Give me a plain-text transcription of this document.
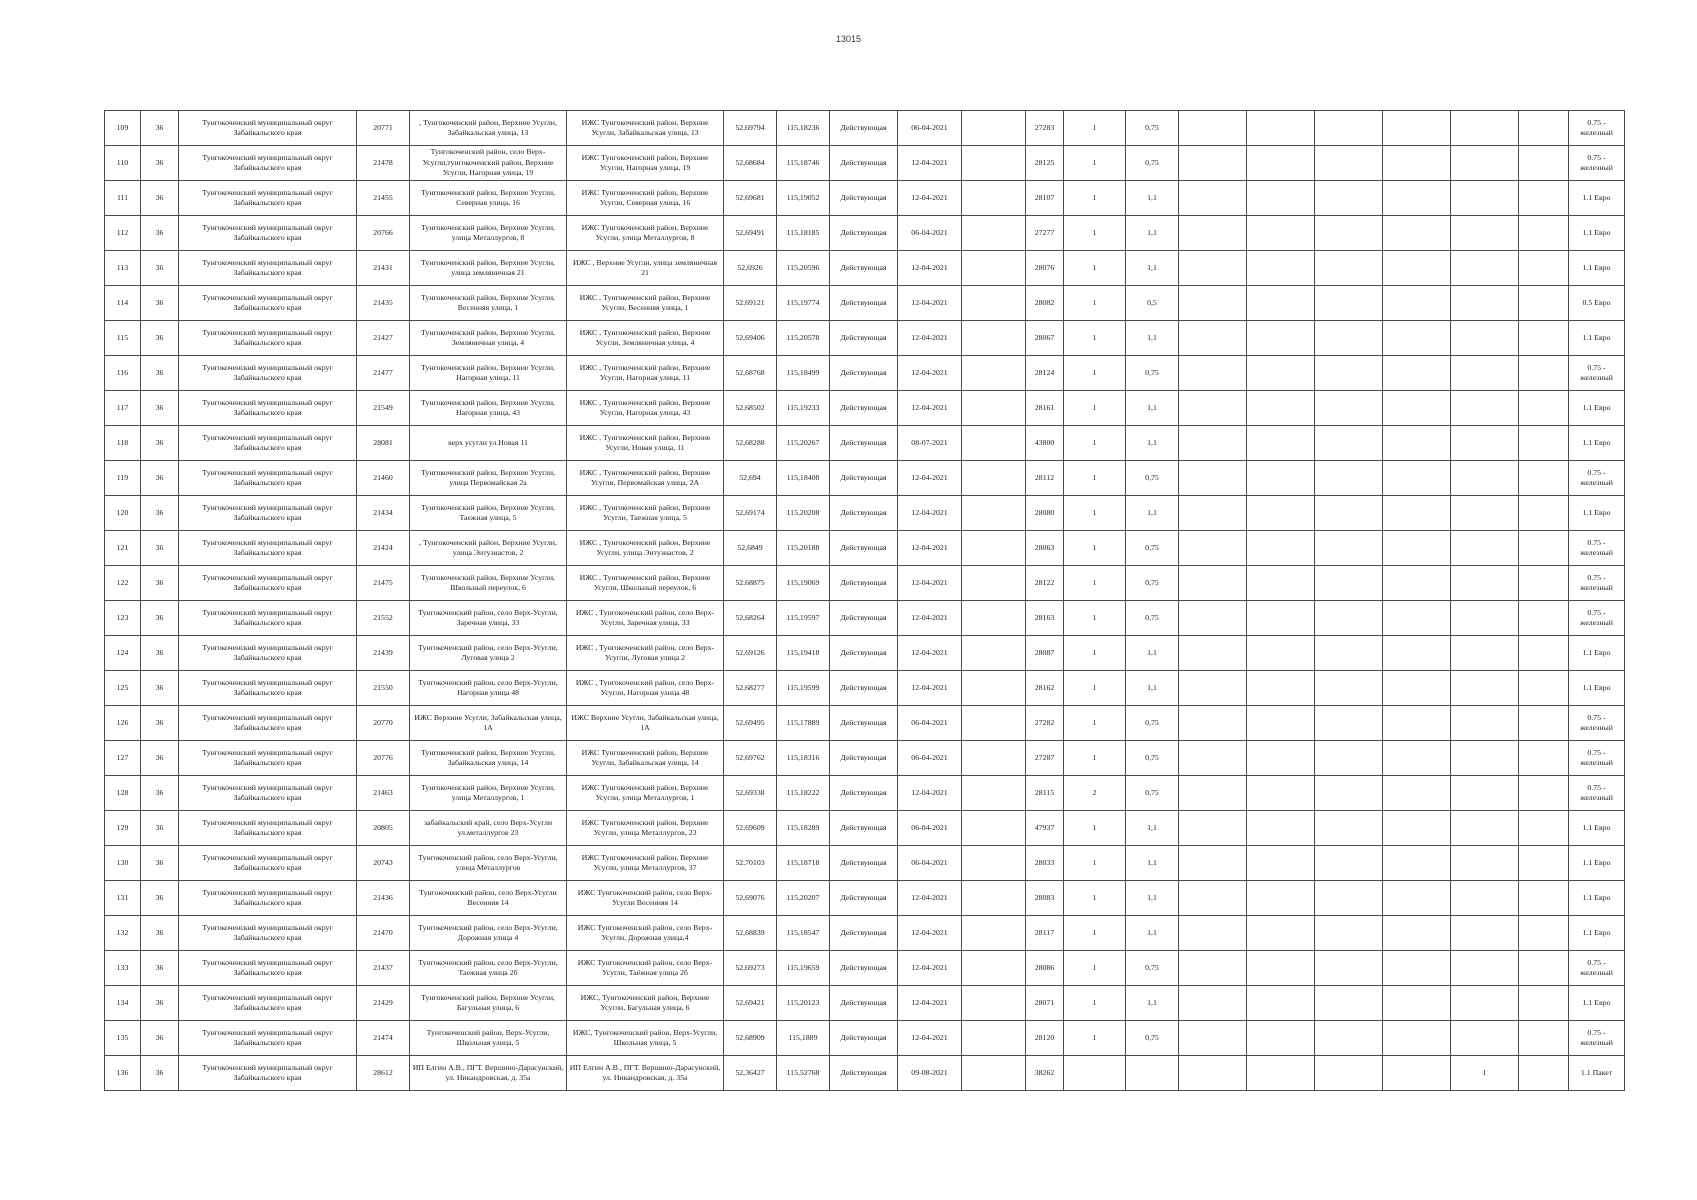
13015
109	36	Тунгокоченский муниципальный округ Забайкальского края	20771	, Тунгокоченский район, Верхние Усугли, Забайкальская улица, 13	ИЖС Тунгокоченский район, Верхние Усугли, Забайкальская улица, 13	52,69794	115,18236	Действующая	06-04-2021		27283	1	0,75							0.75 - железный
110	36	Тунгокоченский муниципальный округ Забайкальского края	21478	Тунгокоченский район, село Верх-Усугли,тунгокоченский район, Верхние Усугли, Нагорная улица, 19	ИЖС Тунгокоченский район, Верхние Усугли, Нагорная улица, 19	52,68684	115,18746	Действующая	12-04-2021		28125	1	0,75							0.75 - железный
111	36	Тунгокоченский муниципальный округ Забайкальского края	21455	Тунгокоченский район, Верхние Усугли, Северная улица, 16	ИЖС Тунгокоченский район, Верхние Усугли, Северная улица, 16	52,69681	115,19052	Действующая	12-04-2021		28107	1	1,1							1.1 Евро
112	36	Тунгокоченский муниципальный округ Забайкальского края	20766	Тунгокоченский район, Верхние Усугли, улица Металлургов, 8	ИЖС Тунгокоченский район, Верхние Усугли, улица Металлургов, 8	52,69491	115,18185	Действующая	06-04-2021		27277	1	1,1							1.1 Евро
113	36	Тунгокоченский муниципальный округ Забайкальского края	21431	Тунгокоченский район, Верхние Усугли, улица земляничная 21	ИЖС , Верхние Усугли, улица земляничная 21	52,6926	115,20596	Действующая	12-04-2021		28076	1	1,1							1.1 Евро
114	36	Тунгокоченский муниципальный округ Забайкальского края	21435	Тунгокоченский район, Верхние Усугли, Весенняя улица, 1	ИЖС , Тунгокоченский район, Верхние Усугли, Весенняя улица, 1	52,69121	115,19774	Действующая	12-04-2021		28082	1	0,5							0.5 Евро
115	36	Тунгокоченский муниципальный округ Забайкальского края	21427	Тунгокоченский район, Верхние Усугли, Земляничная улица, 4	ИЖС , Тунгокоченский район, Верхние Усугли, Земляничная улица, 4	52,69406	115,20578	Действующая	12-04-2021		28067	1	1,1							1.1 Евро
116	36	Тунгокоченский муниципальный округ Забайкальского края	21477	Тунгокоченский район, Верхние Усугли, Нагорная улица, 11	ИЖС , Тунгокоченский район, Верхние Усугли, Нагорная улица, 11	52,68768	115,18499	Действующая	12-04-2021		28124	1	0,75							0.75 - железный
117	36	Тунгокоченский муниципальный округ Забайкальского края	21549	Тунгокоченский район, Верхние Усугли, Нагорная улица, 43	ИЖС , Тунгокоченский район, Верхние Усугли, Нагорная улица, 43	52,68502	115,19233	Действующая	12-04-2021		28161	1	1,1							1.1 Евро
118	36	Тунгокоченский муниципальный округ Забайкальского края	28081	верх усугли ул.Новая 11	ИЖС , Тунгокоченский район, Верхние Усугли, Новая улица, 11	52,68288	115,20267	Действующая	08-07-2021		43800	1	1,1							1.1 Евро
119	36	Тунгокоченский муниципальный округ Забайкальского края	21460	Тунгокоченский район, Верхние Усугли, улица Первомайская 2а	ИЖС , Тунгокоченский район, Верхние Усугли, Первомайская улица, 2А	52,694	115,18408	Действующая	12-04-2021		28112	1	0,75							0.75 - железный
120	36	Тунгокоченский муниципальный округ Забайкальского края	21434	Тунгокоченский район, Верхние Усугли, Таежная улица, 5	ИЖС , Тунгокоченский район, Верхние Усугли, Таежная улица, 5	52,69174	115,20208	Действующая	12-04-2021		28080	1	1,1							1.1 Евро
121	36	Тунгокоченский муниципальный округ Забайкальского края	21424	, Тунгокоченский район, Верхние Усугли, улица Энтузиастов, 2	ИЖС , Тунгокоченский район, Верхние Усугли, улица Энтузиастов, 2	52,6849	115,20188	Действующая	12-04-2021		28063	1	0,75							0.75 - железный
122	36	Тунгокоченский муниципальный округ Забайкальского края	21475	Тунгокоченский район, Верхние Усугли, Школьный переулок, 6	ИЖС , Тунгокоченский район, Верхние Усугли, Школьный переулок, 6	52,68875	115,19069	Действующая	12-04-2021		28122	1	0,75							0.75 - железный
123	36	Тунгокоченский муниципальный округ Забайкальского края	21552	Тунгокоченский район, село Верх-Усугли, Заречная улица, 33	ИЖС , Тунгокоченский район, село Верх-Усугли, Заречная улица, 33	52,68264	115,19597	Действующая	12-04-2021		28163	1	0,75							0.75 - железный
124	36	Тунгокоченский муниципальный округ Забайкальского края	21439	Тунгокоченский район, село Верх-Усугли, Луговая улица 2	ИЖС , Тунгокоченский район, село Верх-Усугли, Луговая улица 2	52,69126	115,19418	Действующая	12-04-2021		28087	1	1,1							1.1 Евро
125	36	Тунгокоченский муниципальный округ Забайкальского края	21550	Тунгокоченский район, село Верх-Усугли, Нагорная улица 48	ИЖС , Тунгокоченский район, село Верх-Усугли, Нагорная улица 48	52,68277	115,19599	Действующая	12-04-2021		28162	1	1,1							1.1 Евро
126	36	Тунгокоченский муниципальный округ Забайкальского края	20770	ИЖС Верхние Усугли, Забайкальская улица, 1А	ИЖС Верхние Усугли, Забайкальская улица, 1А	52,69495	115,17889	Действующая	06-04-2021		27282	1	0,75							0.75 - железный
127	36	Тунгокоченский муниципальный округ Забайкальского края	20776	Тунгокоченский район, Верхние Усугли, Забайкальская улица, 14	ИЖС Тунгокоченский район, Верхние Усугли, Забайкальская улица, 14	52,69762	115,18316	Действующая	06-04-2021		27287	1	0,75							0.75 - железный
128	36	Тунгокоченский муниципальный округ Забайкальского края	21463	Тунгокоченский район, Верхние Усугли, улица Металлургов, 1	ИЖС Тунгокоченский район, Верхние Усугли, улица Металлургов, 1	52,69338	115,18222	Действующая	12-04-2021		28115	2	0,75							0.75 - железный
129	36	Тунгокоченский муниципальный округ Забайкальского края	20805	забайкальский край, село Верх-Усугли ул.металлургов 23	ИЖС Тунгокоченский район, Верхние Усугли, улица Металлургов, 23	52,69609	115,18289	Действующая	06-04-2021		47937	1	1,1							1.1 Евро
130	36	Тунгокоченский муниципальный округ Забайкальского края	20743	Тунгокоченский район, село Верх-Усугли, улица Металлургов	ИЖС Тунгокоченский район, Верхние Усугли, улица Металлургов, 37	52,70103	115,18718	Действующая	06-04-2021		28033	1	1,1							1.1 Евро
131	36	Тунгокоченский муниципальный округ Забайкальского края	21436	Тунгокоченский район, село Верх-Усугли Весенняя 14	ИЖС Тунгокоченский район, село Верх-Усугли Весенняя 14	52,69076	115,20207	Действующая	12-04-2021		28083	1	1,1							1.1 Евро
132	36	Тунгокоченский муниципальный округ Забайкальского края	21470	Тунгокоченский район, село Верх-Усугли, Дорожная улица 4	ИЖС Тунгокоченский район, село Верх-Усугли, Дорожная улица,4	52,68839	115,18547	Действующая	12-04-2021		28117	1	1,1							1.1 Евро
133	36	Тунгокоченский муниципальный округ Забайкальского края	21437	Тунгокоченский район, село Верх-Усугли, Таежная улица 2б	ИЖС Тунгокоченский район, село Верх-Усугли, Таёжная улица 2б	52,69273	115,19659	Действующая	12-04-2021		28086	1	0,75							0.75 - железный
134	36	Тунгокоченский муниципальный округ Забайкальского края	21429	Тунгокоченский район, Верхние Усугли, Багульная улица, 6	ИЖС, Тунгокоченский район, Верхние Усугли, Багульная улица, 6	52,69421	115,20123	Действующая	12-04-2021		28071	1	1,1							1.1 Евро
135	36	Тунгокоченский муниципальный округ Забайкальского края	21474	Тунгокоченский район, Верх-Усугли, Школьная улица, 5	ИЖС, Тунгокоченский район, Верх-Усугли, Школьная улица, 5	52,68909	115,1889	Действующая	12-04-2021		28120	1	0,75							0.75 - железный
136	36	Тунгокоченский муниципальный округ Забайкальского края	28612	ИП Елгин А.В., ПГТ. Вершино-Дарасунский, ул. Никандровская, д. 35а	ИП Елгин А.В., ПГТ. Вершино-Дарасунский, ул. Никандровская, д. 35а	52,36427	115,52768	Действующая	09-08-2021		38262							1		1.1 Пакет
